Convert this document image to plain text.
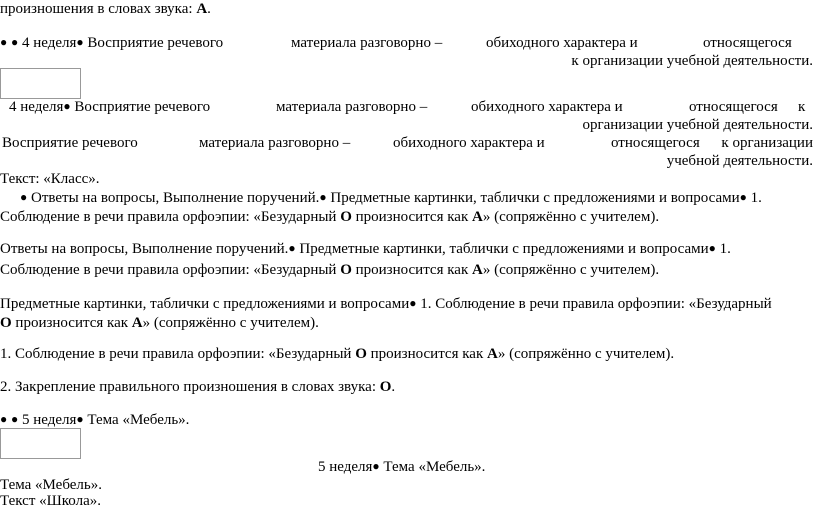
произношения в словах звука: А.
● ● 4 неделя● Восприятие речевого	материала разговорно –	обиходного характера и	относящегося
к организации учебной деятельности.
4 неделя● Восприятие речевого	материала разговорно –	обиходного характера и	относящегося к
организации учебной деятельности.
Восприятие речевого	материала разговорно –	обиходного характера и	относящегося к организации
учебной деятельности.
Текст: «Класс».
● Ответы на вопросы, Выполнение поручений.● Предметные картинки, таблички с предложениями и вопросами● 1.
Соблюдение в речи правила орфоэпии: «Безударный О произносится как А» (сопряжённо с учителем).
Ответы на вопросы, Выполнение поручений.● Предметные картинки, таблички с предложениями и вопросами● 1.
Соблюдение в речи правила орфоэпии: «Безударный О произносится как А» (сопряжённо с учителем).
Предметные картинки, таблички с предложениями и вопросами● 1. Соблюдение в речи правила орфоэпии: «Безударный
О произносится как А» (сопряжённо с учителем).
1. Соблюдение в речи правила орфоэпии: «Безударный О произносится как А» (сопряжённо с учителем).
2. Закрепление правильного произношения в словах звука: О.
● ● 5 неделя● Тема «Мебель».
5 неделя● Тема «Мебель».
Тема «Мебель».
Текст «Школа».
